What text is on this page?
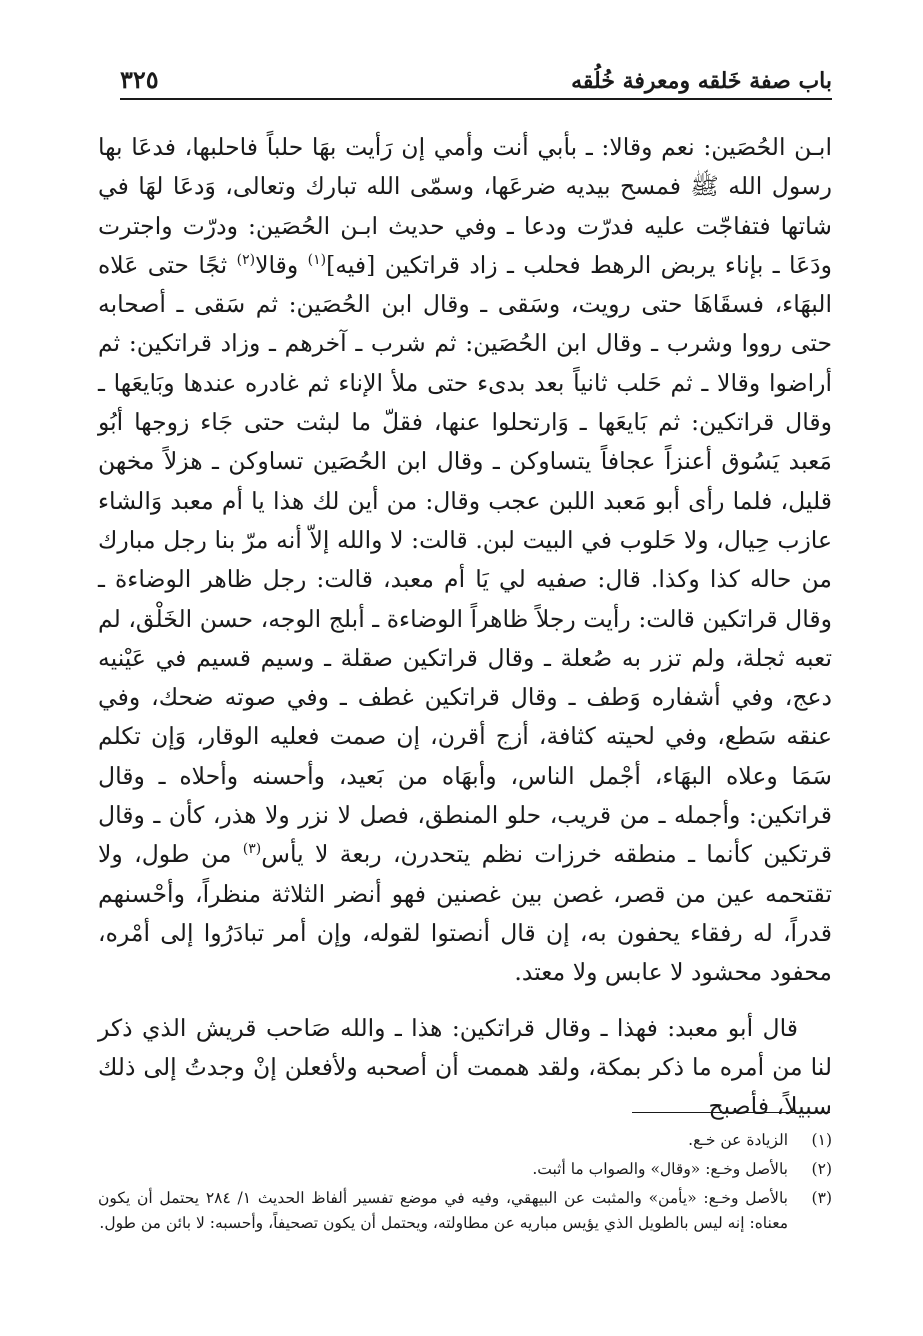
باب صفة خَلقه ومعرفة خُلُقه
٣٢٥

ابـن الحُصَين: نعم وقالا: ـ بأبي أنت وأمي إن رَأيت بهَا حلباً فاحلبها، فدعَا بها رسول الله ﷺ فمسح بيديه ضرعَها، وسمّى الله تبارك وتعالى، وَدعَا لهَا في شاتها فتفاجّت عليه فدرّت ودعا ـ وفي حديث ابـن الحُصَين: ودرّت واجترت ودَعَا ـ بإناء يربض الرهط فحلب ـ زاد قراتكين [فيه]$^{(١)}$ وقالا$^{(٢)}$ ثجًا حتى عَلاه البهَاء، فسقَاهَا حتى رويت، وسَقى ـ وقال ابن الحُصَين: ثم سَقى ـ أصحابه حتى رووا وشرب ـ وقال ابن الحُصَين: ثم شرب ـ آخرهم ـ وزاد قراتكين: ثم أراضوا وقالا ـ ثم حَلب ثانياً بعد بدىء حتى ملأ الإناء ثم غادره عندها وبَايعَها ـ وقال قراتكين: ثم بَايعَها ـ وَارتحلوا عنها، فقلّ ما لبثت حتى جَاء زوجها أبُو مَعبد يَسُوق أعنزاً عجافاً يتساوكن ـ وقال ابن الحُصَين تساوكن ـ هزلاً مخهن قليل، فلما رأى أبو مَعبد اللبن عجب وقال: من أين لك هذا يا أم معبد وَالشاء عازب حِيال، ولا حَلوب في البيت لبن. قالت: لا والله إلاّ أنه مرّ بنا رجل مبارك من حاله كذا وكذا. قال: صفيه لي يَا أم معبد، قالت: رجل ظاهر الوضاءة ـ وقال قراتكين قالت: رأيت رجلاً ظاهراً الوضاءة ـ أبلج الوجه، حسن الخَلْق، لم تعبه ثجلة، ولم تزر به صُعلة ـ وقال قراتكين صقلة ـ وسيم قسيم في عَيْنيه دعج، وفي أشفاره وَطف ـ وقال قراتكين غطف ـ وفي صوته ضحك، وفي عنقه سَطع، وفي لحيته كثافة، أزج أقرن، إن صمت فعليه الوقار، وَإن تكلم سَمَا وعلاه البهَاء، أجْمل الناس، وأبهَاه من بَعيد، وأحسنه وأحلاه ـ وقال قراتكين: وأجمله ـ من قريب، حلو المنطق، فصل لا نزر ولا هذر، كأن ـ وقال قرتكين كأنما ـ منطقه خرزات نظم يتحدرن، ربعة لا يأس$^{(٣)}$ من طول، ولا تقتحمه عين من قصر، غصن بين غصنين فهو أنضر الثلاثة منظراً، وأحْسنهم قدراً، له رفقاء يحفون به، إن قال أنصتوا لقوله، وإن أمر تبادَرُوا إلى أمْره، محفود محشود لا عابس ولا معتد.

قال أبو معبد: فهذا ـ وقال قراتكين: هذا ـ والله صَاحب قريش الذي ذكر لنا من أمره ما ذكر بمكة، ولقد هممت أن أصحبه ولأفعلن إنْ وجدتُ إلى ذلك سبيلاً، فأصبح

(١)
الزيادة عن خـع.
(٢)
بالأصل وخـع: «وقال» والصواب ما أثبت.
(٣)
بالأصل وخـع: «يأمن» والمثبت عن البيهقي، وفيه في موضع تفسير ألفاظ الحديث ١/ ٢٨٤ يحتمل أن يكون معناه: إنه ليس بالطويل الذي يؤيس مباريه عن مطاولته، ويحتمل أن يكون تصحيفاً، وأحسبه: لا بائن من طول.
